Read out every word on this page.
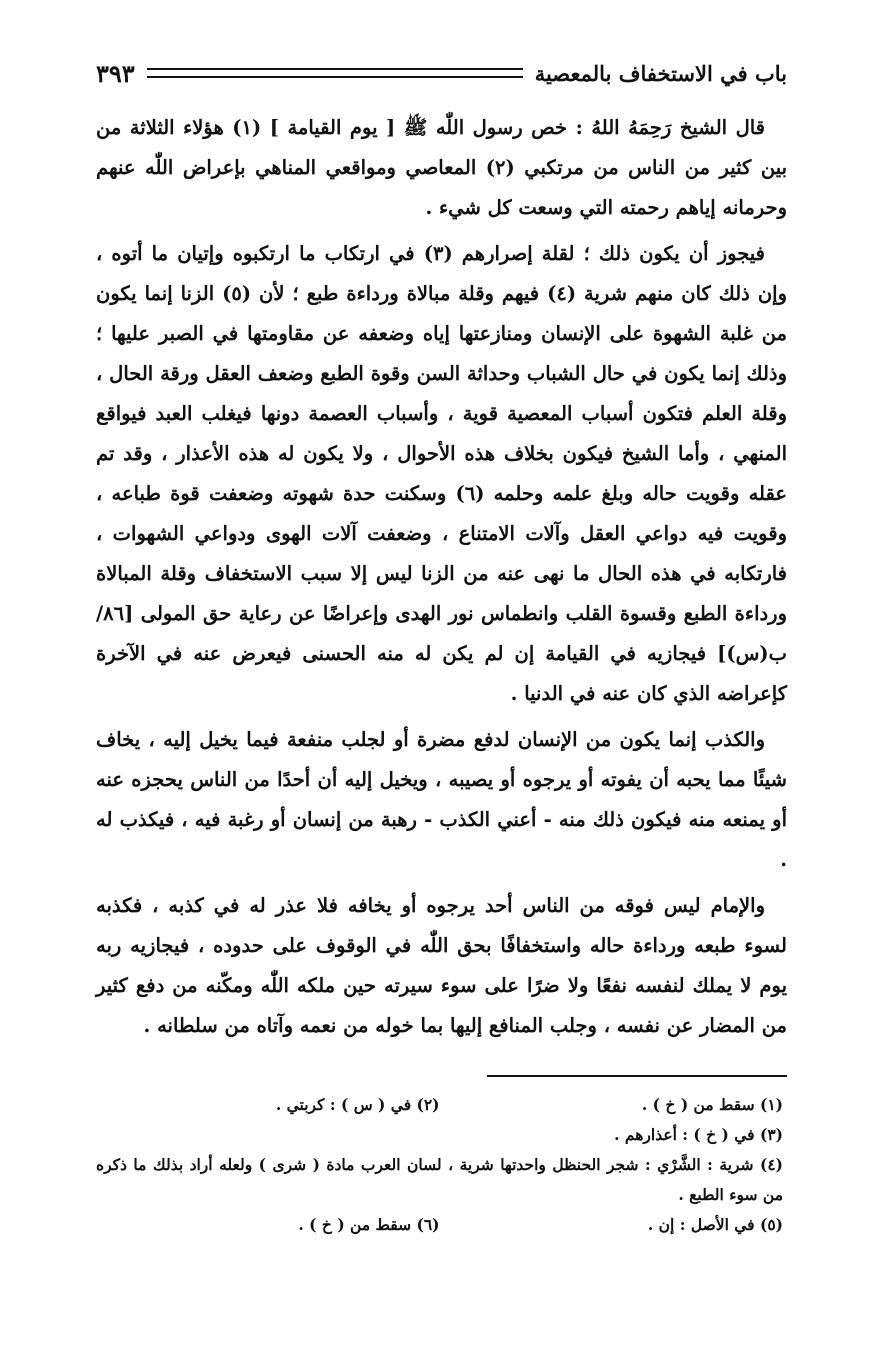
باب في الاستخفاف بالمعصية
٣٩٣

قال الشيخ رَحِمَهُ اللهُ : خص رسول اللّٰه ﷺ [ يوم القيامة ] (١) هؤلاء الثلاثة من بين كثير من الناس من مرتكبي (٢) المعاصي ومواقعي المناهي بإعراض اللّٰه عنهم وحرمانه إياهم رحمته التي وسعت كل شيء .

فيجوز أن يكون ذلك ؛ لقلة إصرارهم (٣) في ارتكاب ما ارتكبوه وإتيان ما أتوه ، وإن ذلك كان منهم شرية (٤) فيهم وقلة مبالاة ورداءة طبع ؛ لأن (٥) الزنا إنما يكون من غلبة الشهوة على الإنسان ومنازعتها إياه وضعفه عن مقاومتها في الصبر عليها ؛ وذلك إنما يكون في حال الشباب وحداثة السن وقوة الطبع وضعف العقل ورقة الحال ، وقلة العلم فتكون أسباب المعصية قوية ، وأسباب العصمة دونها فيغلب العبد فيواقع المنهي ، وأما الشيخ فيكون بخلاف هذه الأحوال ، ولا يكون له هذه الأعذار ، وقد تم عقله وقويت حاله وبلغ علمه وحلمه (٦) وسكنت حدة شهوته وضعفت قوة طباعه ، وقويت فيه دواعي العقل وآلات الامتناع ، وضعفت آلات الهوى ودواعي الشهوات ، فارتكابه في هذه الحال ما نهى عنه من الزنا ليس إلا سبب الاستخفاف وقلة المبالاة ورداءة الطبع وقسوة القلب وانطماس نور الهدى وإعراضًا عن رعاية حق المولى [٨٦/ب(س)] فيجازيه في القيامة إن لم يكن له منه الحسنى فيعرض عنه في الآخرة كإعراضه الذي كان عنه في الدنيا .

والكذب إنما يكون من الإنسان لدفع مضرة أو لجلب منفعة فيما يخيل إليه ، يخاف شيئًا مما يحبه أن يفوته أو يرجوه أو يصيبه ، ويخيل إليه أن أحدًا من الناس يحجزه عنه أو يمنعه منه فيكون ذلك منه - أعني الكذب - رهبة من إنسان أو رغبة فيه ، فيكذب له .

والإمام ليس فوقه من الناس أحد يرجوه أو يخافه فلا عذر له في كذبه ، فكذبه لسوء طبعه ورداءة حاله واستخفافًا بحق اللّٰه في الوقوف على حدوده ، فيجازيه ربه يوم لا يملك لنفسه نفعًا ولا ضرًا على سوء سيرته حين ملكه اللّٰه ومكّنه من دفع كثير من المضار عن نفسه ، وجلب المنافع إليها بما خوله من نعمه وآتاه من سلطانه .

(١) سقط من ( خ ) .
(٢) في ( س ) : كربتي .
(٣) في ( خ ) : أعذارهم .
(٤) شرية : الشَّرْي : شجر الحنظل واحدتها شرية ، لسان العرب مادة ( شرى ) ولعله أراد بذلك ما ذكره من سوء الطبع .
(٥) في الأصل : إن .
(٦) سقط من ( خ ) .
